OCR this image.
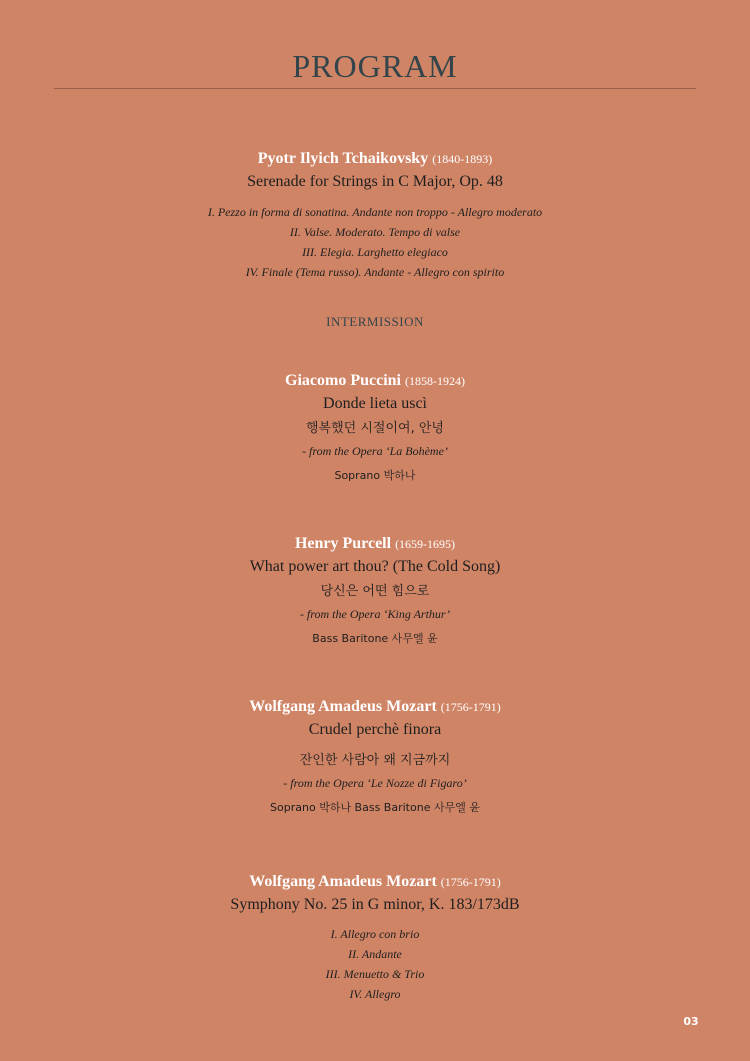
PROGRAM
Pyotr Ilyich Tchaikovsky (1840-1893)
Serenade for Strings in C Major, Op. 48
I. Pezzo in forma di sonatina. Andante non troppo - Allegro moderato
II. Valse. Moderato. Tempo di valse
III. Elegia. Larghetto elegiaco
IV. Finale (Tema russo). Andante - Allegro con spirito
INTERMISSION
Giacomo Puccini (1858-1924)
Donde lieta uscì
행복했던 시절이여, 안녕
- from the Opera ‘La Bohème’
Soprano 박하나
Henry Purcell (1659-1695)
What power art thou? (The Cold Song)
당신은 어떤 힘으로
- from the Opera ‘King Arthur’
Bass Baritone 사무엘 윤
Wolfgang Amadeus Mozart (1756-1791)
Crudel perchè finora
잔인한 사람아 왜 지금까지
- from the Opera ‘Le Nozze di Figaro’
Soprano 박하나 Bass Baritone 사무엘 윤
Wolfgang Amadeus Mozart (1756-1791)
Symphony No. 25 in G minor, K. 183/173dB
I. Allegro con brio
II. Andante
III. Menuetto & Trio
IV. Allegro
03
